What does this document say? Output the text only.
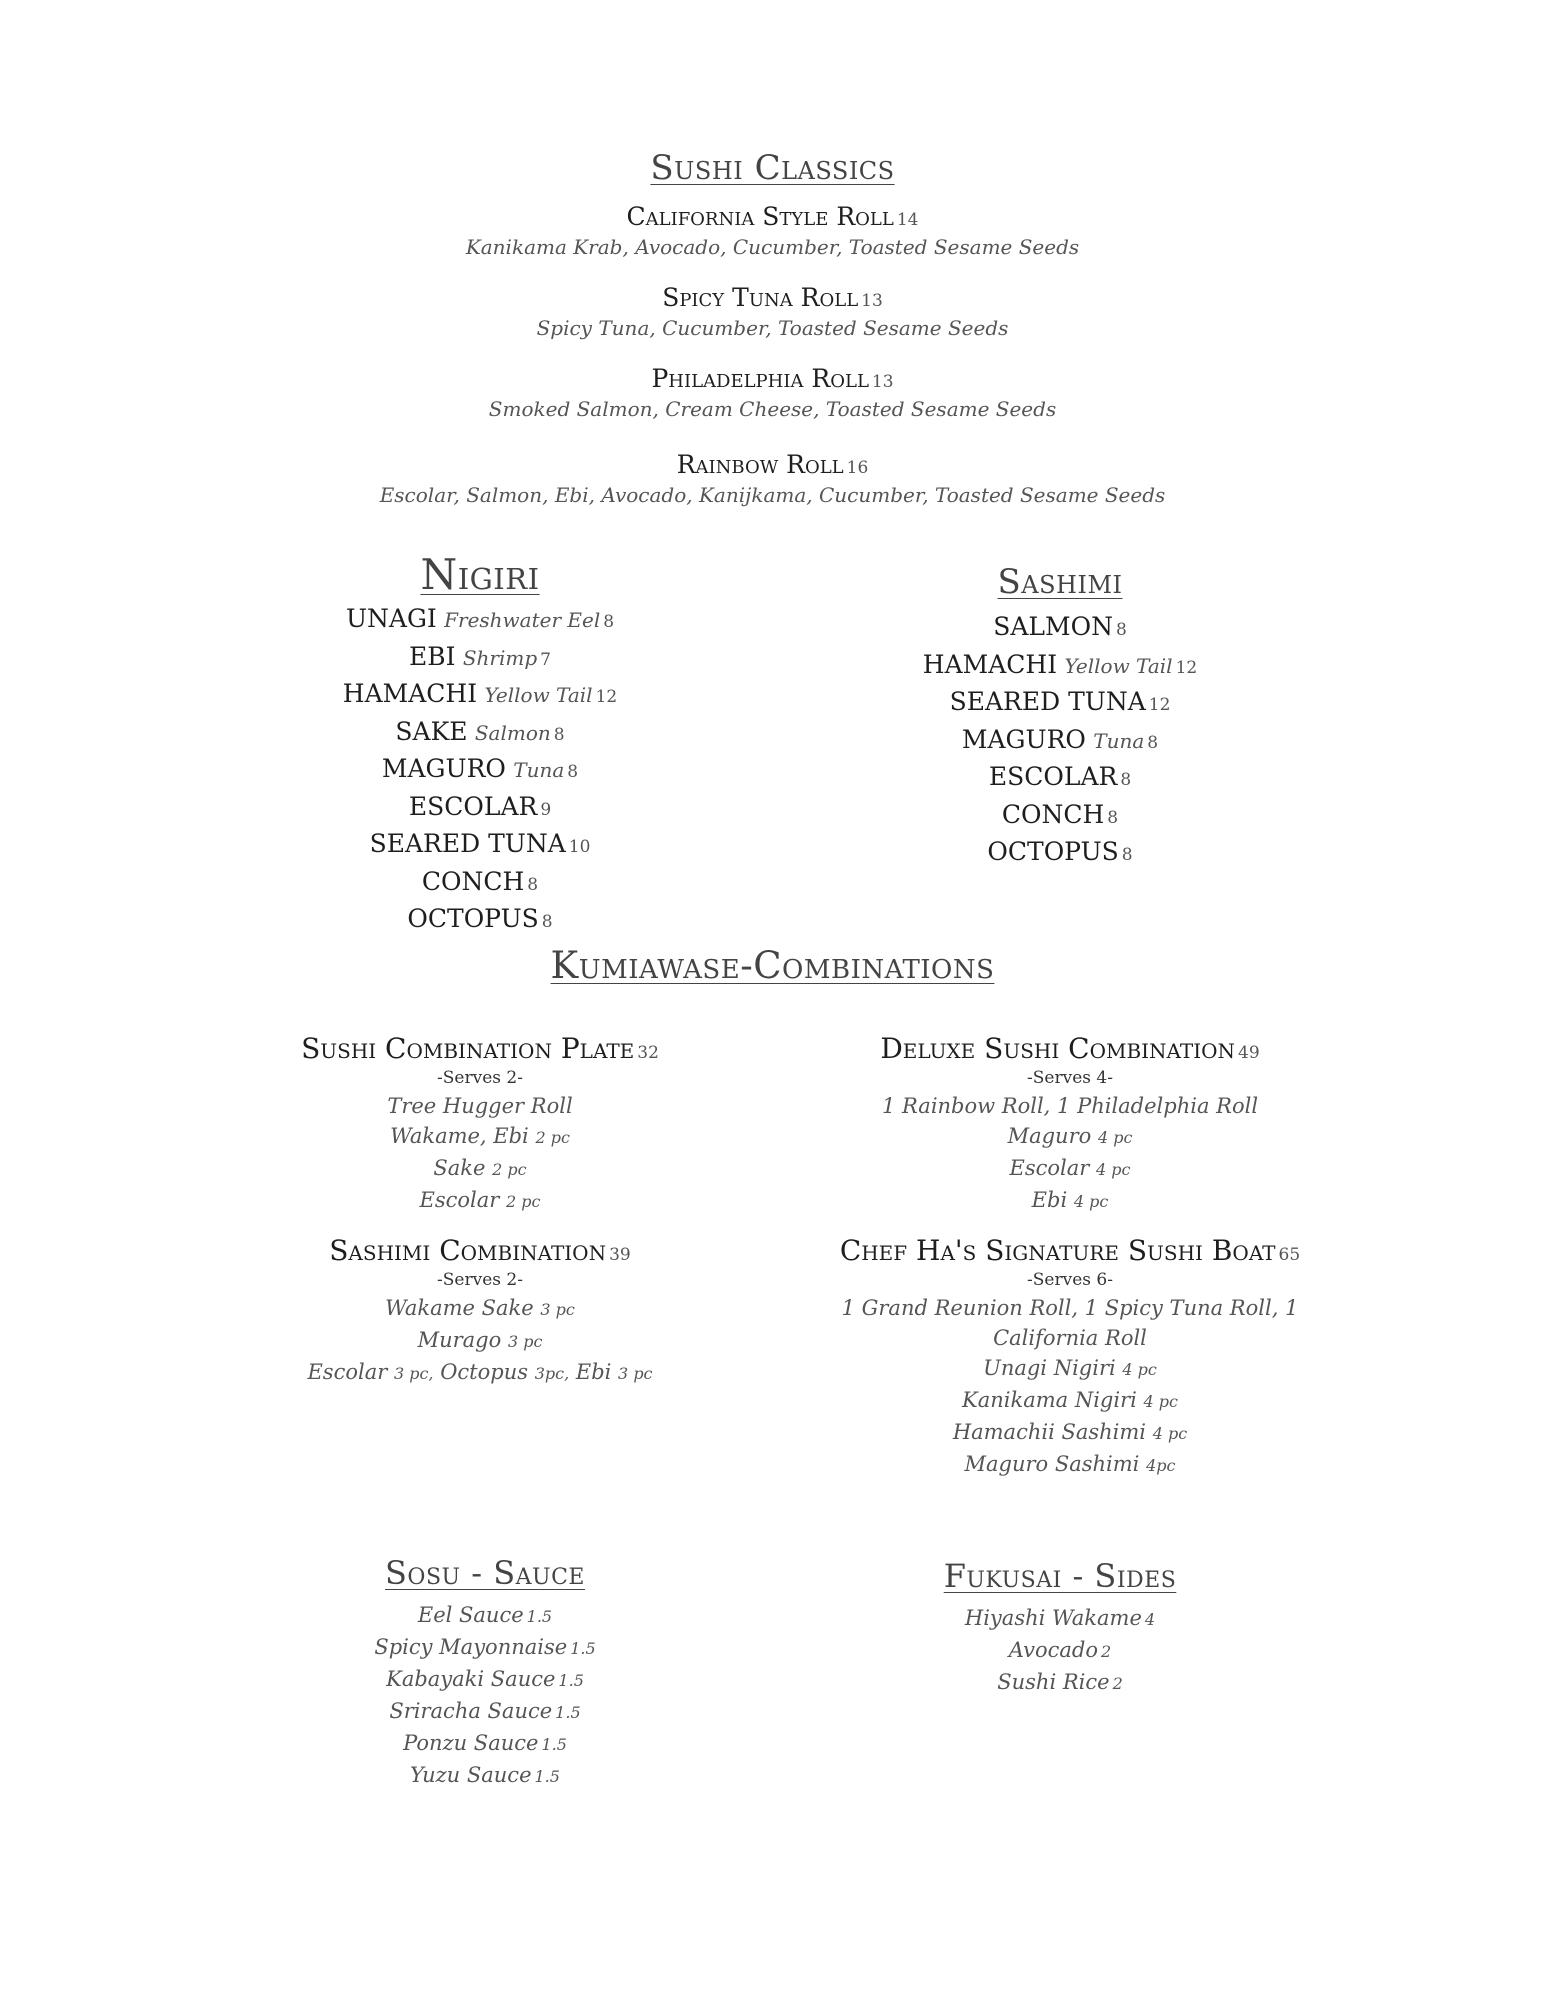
Sushi Classics
California Style Roll 14
Kanikama Krab, Avocado, Cucumber, Toasted Sesame Seeds
Spicy Tuna Roll 13
Spicy Tuna, Cucumber, Toasted Sesame Seeds
Philadelphia Roll 13
Smoked Salmon, Cream Cheese, Toasted Sesame Seeds
Rainbow Roll 16
Escolar, Salmon, Ebi, Avocado, Kanijkama, Cucumber, Toasted Sesame Seeds
Nigiri
UNAGI Freshwater Eel 8
EBI Shrimp 7
HAMACHI Yellow Tail 12
SAKE Salmon 8
MAGURO Tuna 8
ESCOLAR 9
SEARED TUNA 10
CONCH 8
OCTOPUS 8
Sashimi
SALMON 8
HAMACHI Yellow Tail 12
SEARED TUNA 12
MAGURO Tuna 8
ESCOLAR 8
CONCH 8
OCTOPUS 8
Kumiawase-Combinations
Sushi Combination Plate 32
-Serves 2-
Tree Hugger Roll
Wakame, Ebi 2 pc
Sake 2 pc
Escolar 2 pc
Deluxe Sushi Combination 49
-Serves 4-
1 Rainbow Roll, 1 Philadelphia Roll
Maguro 4 pc
Escolar 4 pc
Ebi 4 pc
Sashimi Combination 39
-Serves 2-
Wakame Sake 3 pc
Murago 3 pc
Escolar 3 pc, Octopus 3pc, Ebi 3 pc
Chef Ha's Signature Sushi Boat 65
-Serves 6-
1 Grand Reunion Roll, 1 Spicy Tuna Roll, 1
California Roll
Unagi Nigiri 4 pc
Kanikama Nigiri 4 pc
Hamachii Sashimi 4 pc
Maguro Sashimi 4pc
Sosu - Sauce
Eel Sauce 1.5
Spicy Mayonnaise 1.5
Kabayaki Sauce 1.5
Sriracha Sauce 1.5
Ponzu Sauce 1.5
Yuzu Sauce 1.5
Fukusai - Sides
Hiyashi Wakame 4
Avocado 2
Sushi Rice 2
